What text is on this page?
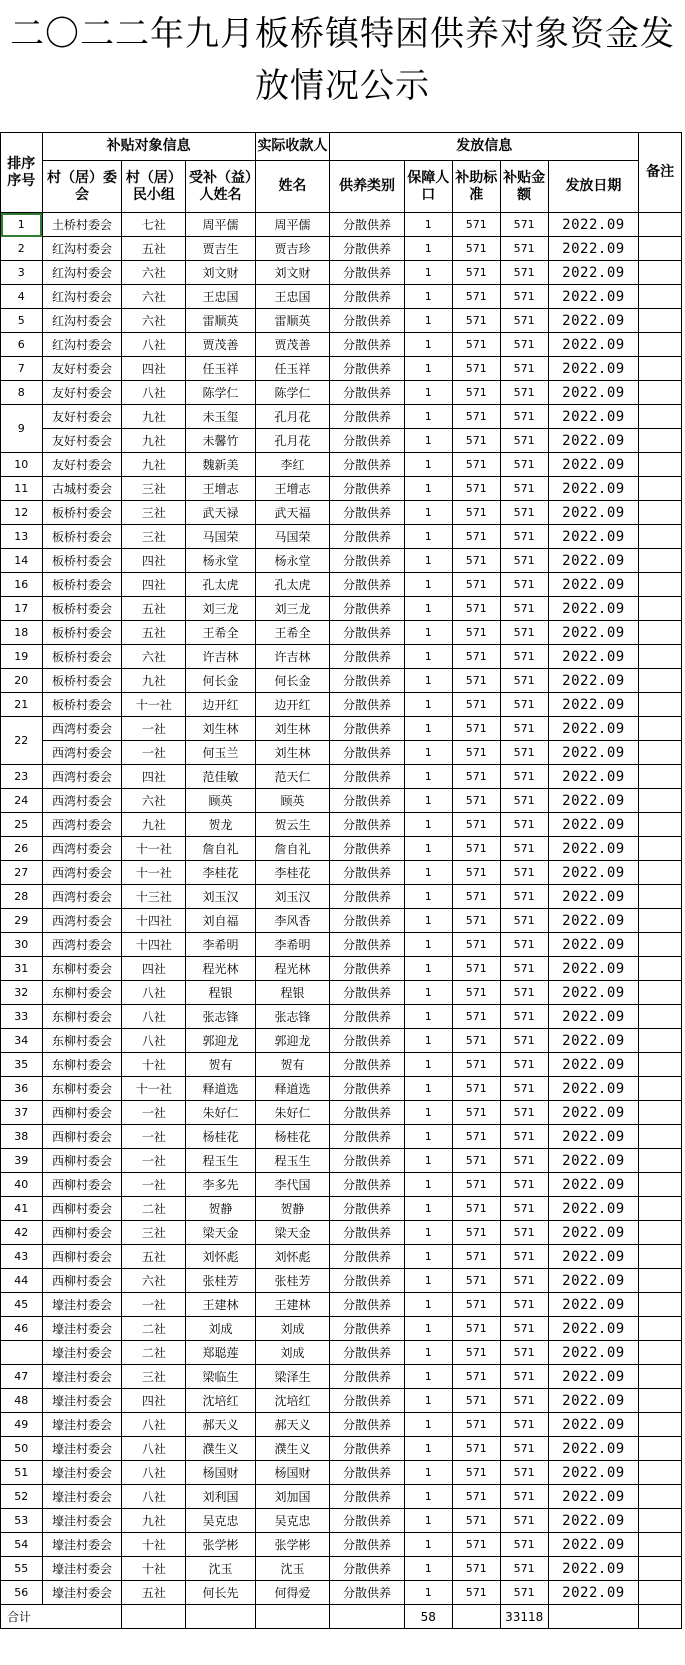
二〇二二年九月板桥镇特困供养对象资金发放情况公示
排序序号	补贴对象信息			实际收款人	发放信息					备注
	村（居）委会	村（居）民小组	受补（益）人姓名	姓名	供养类别	保障人口	补助标准	补贴金额	发放日期	
1	土桥村委会	七社	周平儒	周平儒	分散供养	1	571	571	2022.09	
2	红沟村委会	五社	贾吉生	贾吉珍	分散供养	1	571	571	2022.09	
3	红沟村委会	六社	刘文财	刘文财	分散供养	1	571	571	2022.09	
4	红沟村委会	六社	王忠国	王忠国	分散供养	1	571	571	2022.09	
5	红沟村委会	六社	雷顺英	雷顺英	分散供养	1	571	571	2022.09	
6	红沟村委会	八社	贾茂善	贾茂善	分散供养	1	571	571	2022.09	
7	友好村委会	四社	任玉祥	任玉祥	分散供养	1	571	571	2022.09	
8	友好村委会	八社	陈学仁	陈学仁	分散供养	1	571	571	2022.09	
9	友好村委会	九社	未玉玺	孔月花	分散供养	1	571	571	2022.09	
	友好村委会	九社	未馨竹	孔月花	分散供养	1	571	571	2022.09	
10	友好村委会	九社	魏新美	李红	分散供养	1	571	571	2022.09	
11	古城村委会	三社	王增志	王增志	分散供养	1	571	571	2022.09	
12	板桥村委会	三社	武天禄	武天福	分散供养	1	571	571	2022.09	
13	板桥村委会	三社	马国荣	马国荣	分散供养	1	571	571	2022.09	
14	板桥村委会	四社	杨永堂	杨永堂	分散供养	1	571	571	2022.09	
16	板桥村委会	四社	孔太虎	孔太虎	分散供养	1	571	571	2022.09	
17	板桥村委会	五社	刘三龙	刘三龙	分散供养	1	571	571	2022.09	
18	板桥村委会	五社	王希全	王希全	分散供养	1	571	571	2022.09	
19	板桥村委会	六社	许吉林	许吉林	分散供养	1	571	571	2022.09	
20	板桥村委会	九社	何长金	何长金	分散供养	1	571	571	2022.09	
21	板桥村委会	十一社	边开红	边开红	分散供养	1	571	571	2022.09	
22	西湾村委会	一社	刘生林	刘生林	分散供养	1	571	571	2022.09	
	西湾村委会	一社	何玉兰	刘生林	分散供养	1	571	571	2022.09	
23	西湾村委会	四社	范佳敏	范天仁	分散供养	1	571	571	2022.09	
24	西湾村委会	六社	顾英	顾英	分散供养	1	571	571	2022.09	
25	西湾村委会	九社	贺龙	贺云生	分散供养	1	571	571	2022.09	
26	西湾村委会	十一社	詹自礼	詹自礼	分散供养	1	571	571	2022.09	
27	西湾村委会	十一社	李桂花	李桂花	分散供养	1	571	571	2022.09	
28	西湾村委会	十三社	刘玉汉	刘玉汉	分散供养	1	571	571	2022.09	
29	西湾村委会	十四社	刘自福	李风香	分散供养	1	571	571	2022.09	
30	西湾村委会	十四社	李希明	李希明	分散供养	1	571	571	2022.09	
31	东柳村委会	四社	程光林	程光林	分散供养	1	571	571	2022.09	
32	东柳村委会	八社	程银	程银	分散供养	1	571	571	2022.09	
33	东柳村委会	八社	张志锋	张志锋	分散供养	1	571	571	2022.09	
34	东柳村委会	八社	郭迎龙	郭迎龙	分散供养	1	571	571	2022.09	
35	东柳村委会	十社	贺有	贺有	分散供养	1	571	571	2022.09	
36	东柳村委会	十一社	释道选	释道选	分散供养	1	571	571	2022.09	
37	西柳村委会	一社	朱好仁	朱好仁	分散供养	1	571	571	2022.09	
38	西柳村委会	一社	杨桂花	杨桂花	分散供养	1	571	571	2022.09	
39	西柳村委会	一社	程玉生	程玉生	分散供养	1	571	571	2022.09	
40	西柳村委会	一社	李多先	李代国	分散供养	1	571	571	2022.09	
41	西柳村委会	二社	贺静	贺静	分散供养	1	571	571	2022.09	
42	西柳村委会	三社	梁天金	梁天金	分散供养	1	571	571	2022.09	
43	西柳村委会	五社	刘怀彪	刘怀彪	分散供养	1	571	571	2022.09	
44	西柳村委会	六社	张桂芳	张桂芳	分散供养	1	571	571	2022.09	
45	壕洼村委会	一社	王建林	王建林	分散供养	1	571	571	2022.09	
46	壕洼村委会	二社	刘成	刘成	分散供养	1	571	571	2022.09	
	壕洼村委会	二社	郑聪莲	刘成	分散供养	1	571	571	2022.09	
47	壕洼村委会	三社	梁临生	梁泽生	分散供养	1	571	571	2022.09	
48	壕洼村委会	四社	沈培红	沈培红	分散供养	1	571	571	2022.09	
49	壕洼村委会	八社	郝天义	郝天义	分散供养	1	571	571	2022.09	
50	壕洼村委会	八社	濮生义	濮生义	分散供养	1	571	571	2022.09	
51	壕洼村委会	八社	杨国财	杨国财	分散供养	1	571	571	2022.09	
52	壕洼村委会	八社	刘利国	刘加国	分散供养	1	571	571	2022.09	
53	壕洼村委会	九社	吴克忠	吴克忠	分散供养	1	571	571	2022.09	
54	壕洼村委会	十社	张学彬	张学彬	分散供养	1	571	571	2022.09	
55	壕洼村委会	十社	沈玉	沈玉	分散供养	1	571	571	2022.09	
56	壕洼村委会	五社	何长先	何得爱	分散供养	1	571	571	2022.09	
合计						58		33118		
